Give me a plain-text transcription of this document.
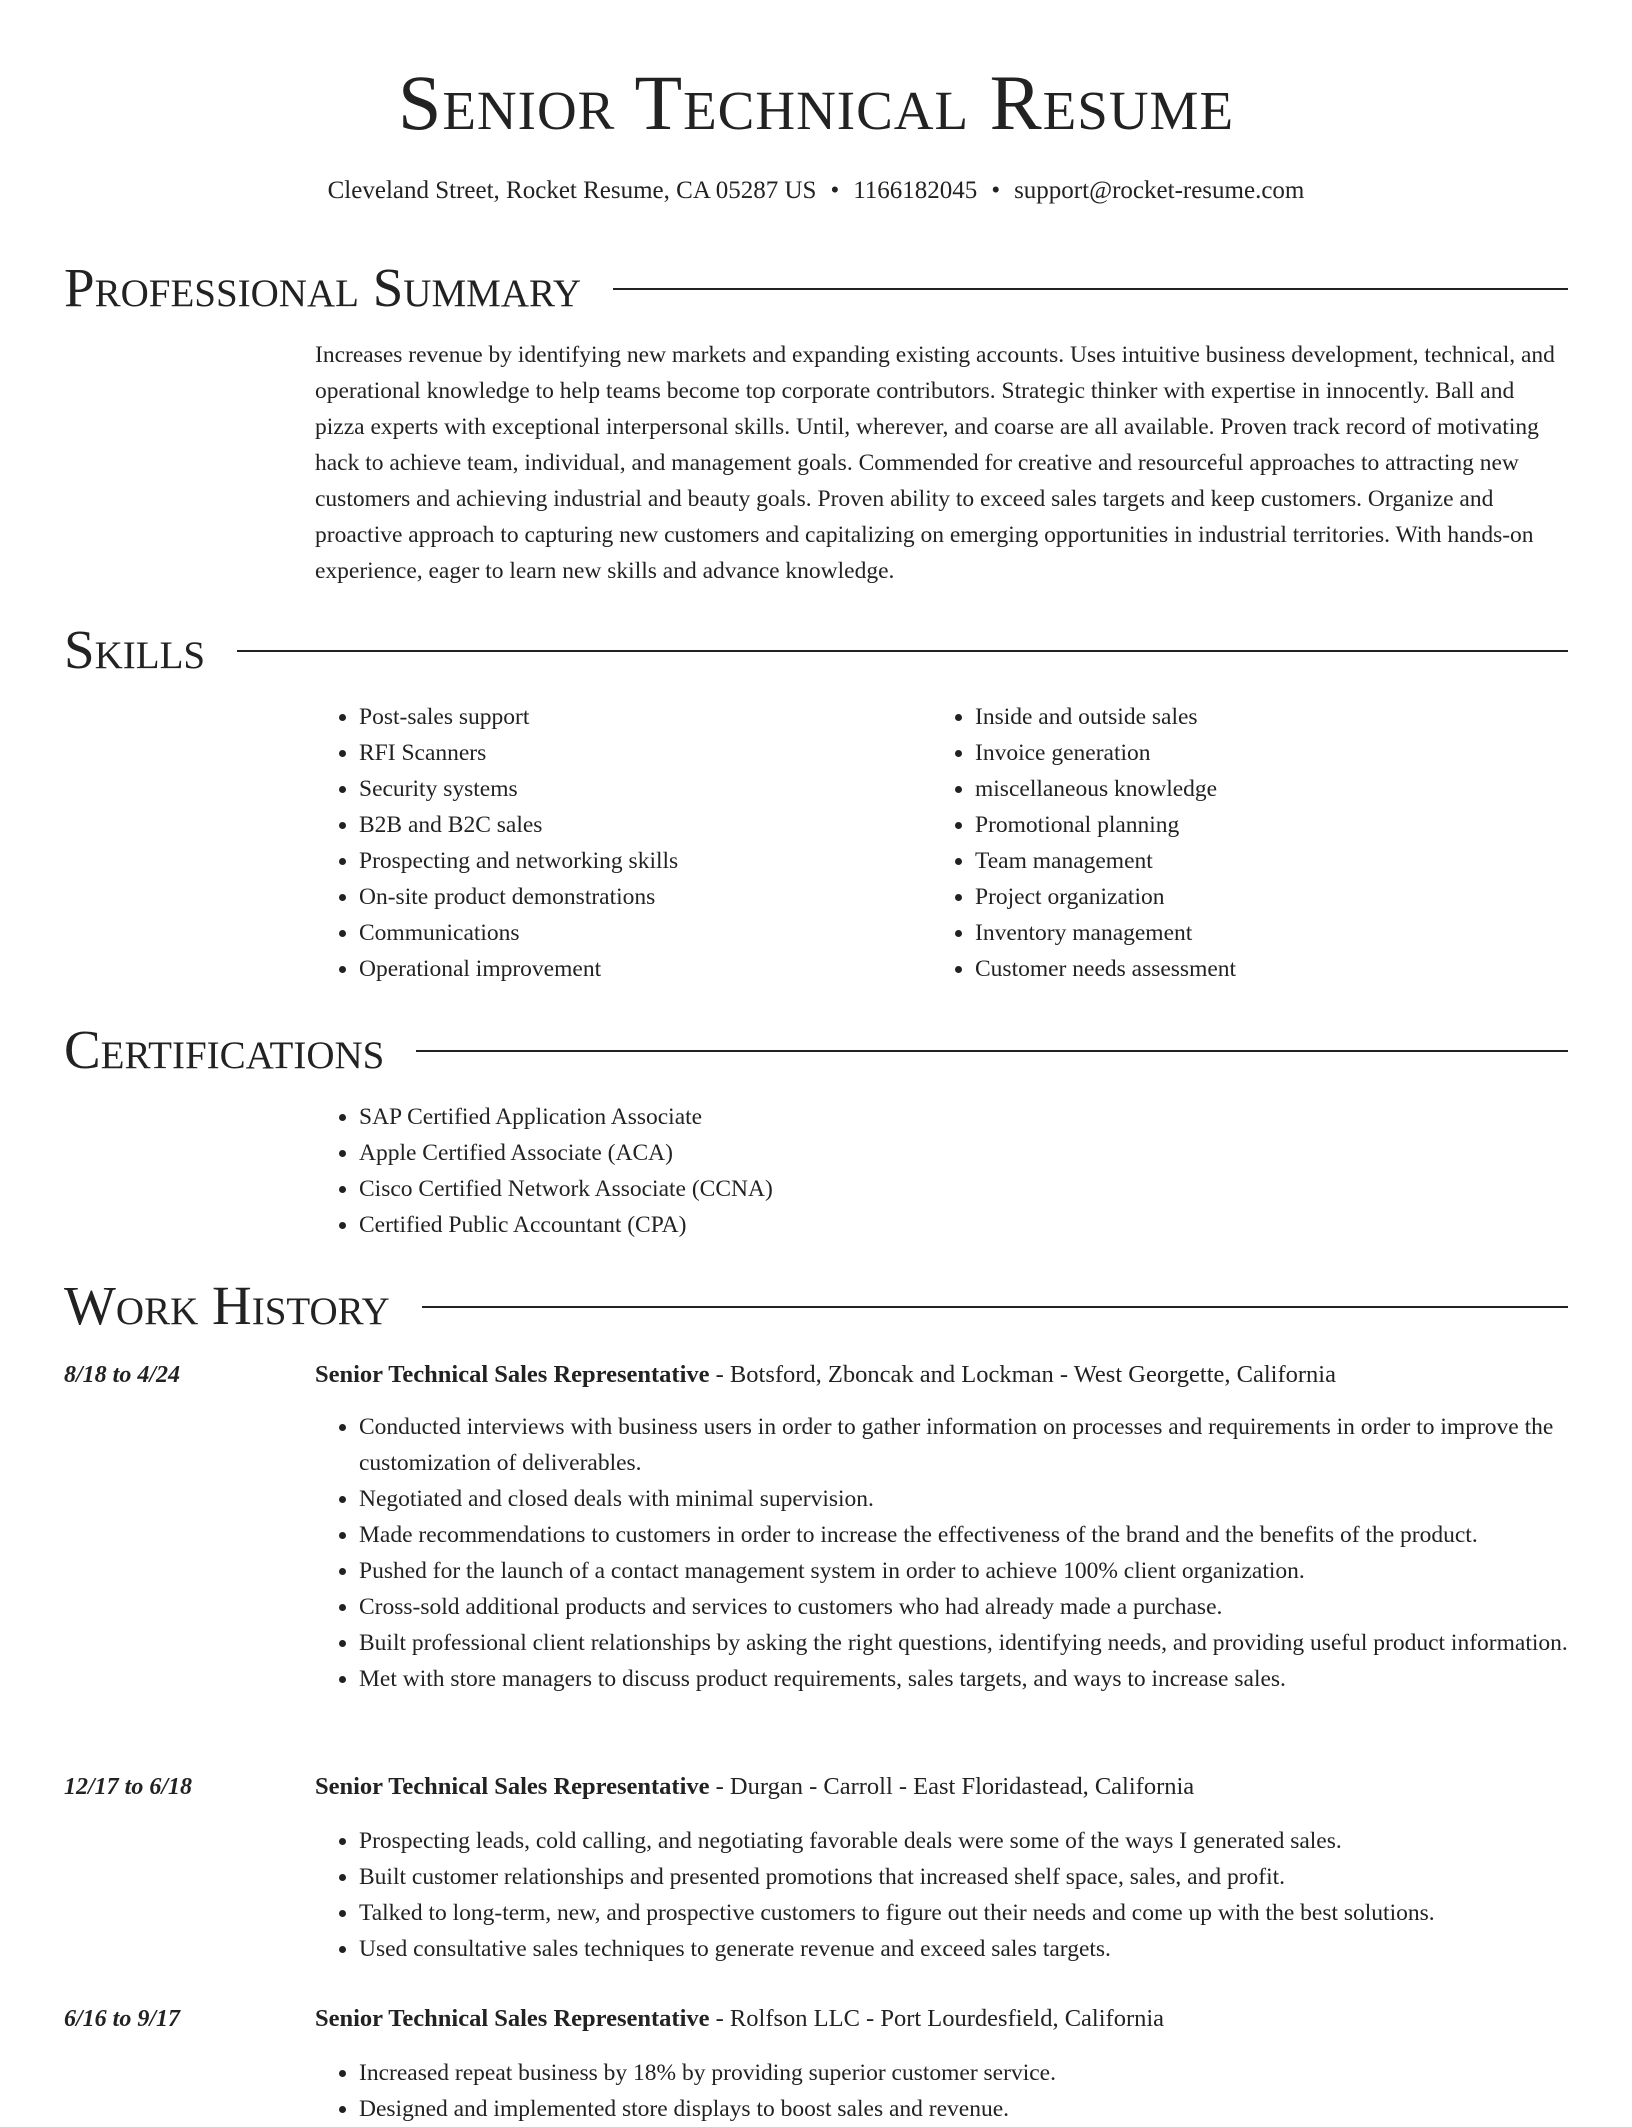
Senior Technical Resume
Cleveland Street, Rocket Resume, CA 05287 US • 1166182045 • support@rocket-resume.com
Professional Summary
Increases revenue by identifying new markets and expanding existing accounts. Uses intuitive business development, technical, and operational knowledge to help teams become top corporate contributors. Strategic thinker with expertise in innocently. Ball and pizza experts with exceptional interpersonal skills. Until, wherever, and coarse are all available. Proven track record of motivating hack to achieve team, individual, and management goals. Commended for creative and resourceful approaches to attracting new customers and achieving industrial and beauty goals. Proven ability to exceed sales targets and keep customers. Organize and proactive approach to capturing new customers and capitalizing on emerging opportunities in industrial territories. With hands-on experience, eager to learn new skills and advance knowledge.
Skills
• Post-sales support
• RFI Scanners
• Security systems
• B2B and B2C sales
• Prospecting and networking skills
• On-site product demonstrations
• Communications
• Operational improvement
• Inside and outside sales
• Invoice generation
• miscellaneous knowledge
• Promotional planning
• Team management
• Project organization
• Inventory management
• Customer needs assessment
Certifications
• SAP Certified Application Associate
• Apple Certified Associate (ACA)
• Cisco Certified Network Associate (CCNA)
• Certified Public Accountant (CPA)
Work History
8/18 to 4/24	Senior Technical Sales Representative - Botsford, Zboncak and Lockman - West Georgette, California
• Conducted interviews with business users in order to gather information on processes and requirements in order to improve the customization of deliverables.
• Negotiated and closed deals with minimal supervision.
• Made recommendations to customers in order to increase the effectiveness of the brand and the benefits of the product.
• Pushed for the launch of a contact management system in order to achieve 100% client organization.
• Cross-sold additional products and services to customers who had already made a purchase.
• Built professional client relationships by asking the right questions, identifying needs, and providing useful product information.
• Met with store managers to discuss product requirements, sales targets, and ways to increase sales.
12/17 to 6/18	Senior Technical Sales Representative - Durgan - Carroll - East Floridastead, California
• Prospecting leads, cold calling, and negotiating favorable deals were some of the ways I generated sales.
• Built customer relationships and presented promotions that increased shelf space, sales, and profit.
• Talked to long-term, new, and prospective customers to figure out their needs and come up with the best solutions.
• Used consultative sales techniques to generate revenue and exceed sales targets.
6/16 to 9/17	Senior Technical Sales Representative - Rolfson LLC - Port Lourdesfield, California
• Increased repeat business by 18% by providing superior customer service.
• Designed and implemented store displays to boost sales and revenue.
